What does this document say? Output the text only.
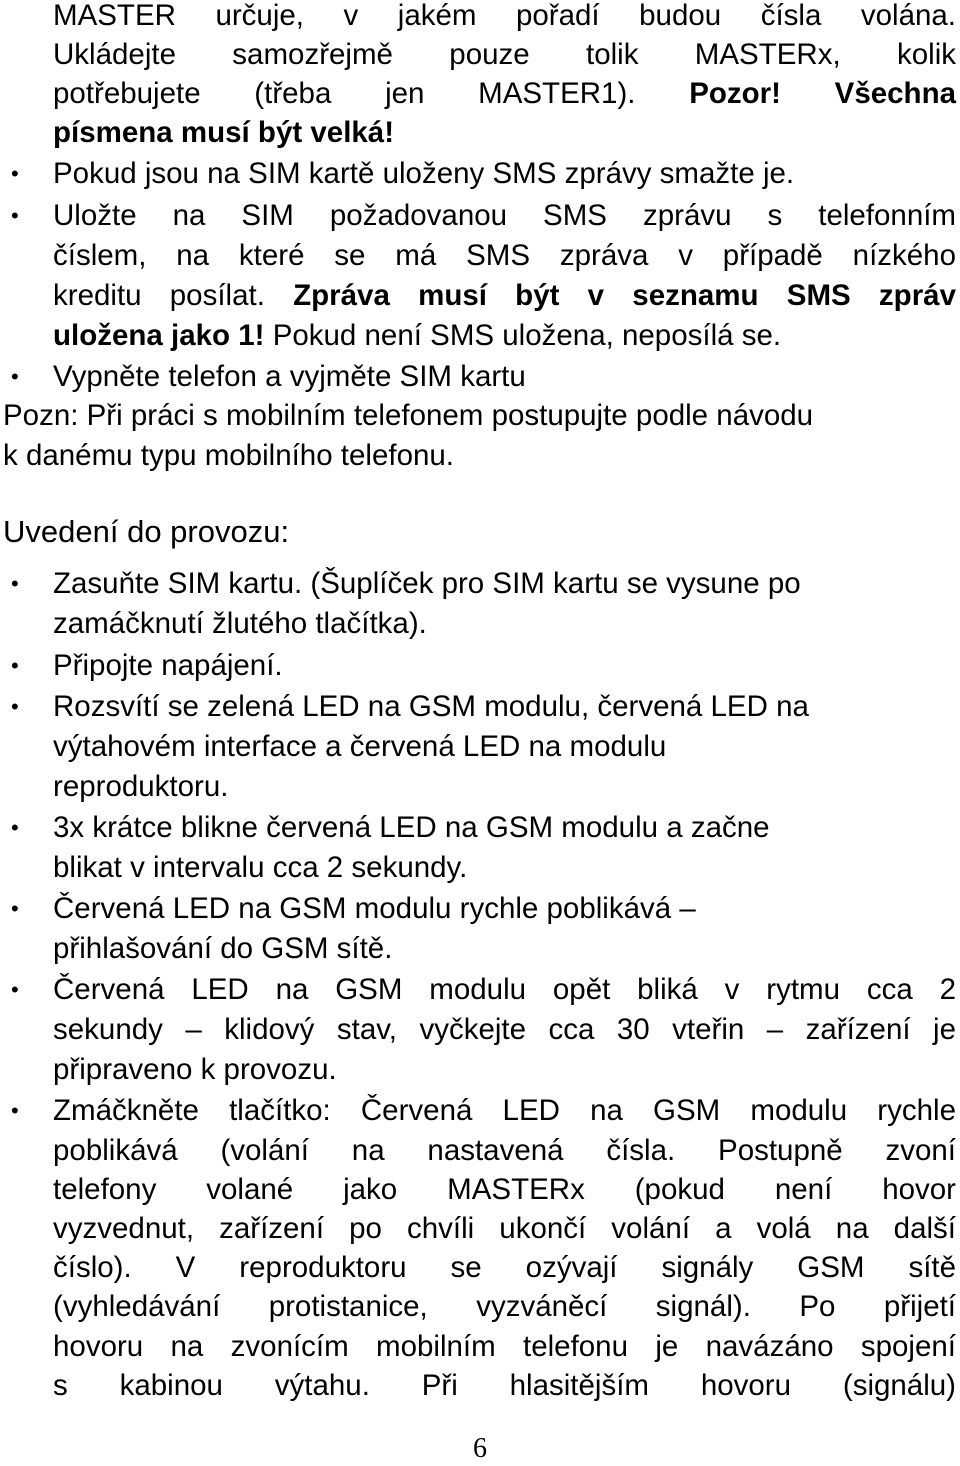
MASTER určuje, v jakém pořadí budou čísla volána.
Ukládejte samozřejmě pouze tolik MASTERx, kolik
potřebujete (třeba jen MASTER1). Pozor! Všechna
písmena musí být velká!
• Pokud jsou na SIM kartě uloženy SMS zprávy smažte je.
• Uložte na SIM požadovanou SMS zprávu s telefonním
číslem, na které se má SMS zpráva v případě nízkého
kreditu posílat. Zpráva musí být v seznamu SMS zpráv
uložena jako 1! Pokud není SMS uložena, neposílá se.
• Vypněte telefon a vyjměte SIM kartu
Pozn: Při práci s mobilním telefonem postupujte podle návodu
k danému typu mobilního telefonu.
Uvedení do provozu:
• Zasuňte SIM kartu. (Šuplíček pro SIM kartu se vysune po
zamáčknutí žlutého tlačítka).
• Připojte napájení.
• Rozsvítí se zelená LED na GSM modulu, červená LED na
výtahovém interface a červená LED na modulu
reproduktoru.
• 3x krátce blikne červená LED na GSM modulu a začne
blikat v intervalu cca 2 sekundy.
• Červená LED na GSM modulu rychle poblikává –
přihlašování do GSM sítě.
• Červená LED na GSM modulu opět bliká v rytmu cca 2
sekundy – klidový stav, vyčkejte cca 30 vteřin – zařízení je
připraveno k provozu.
• Zmáčkněte tlačítko: Červená LED na GSM modulu rychle
poblikává (volání na nastavená čísla. Postupně zvoní
telefony volané jako MASTERx (pokud není hovor
vyzvednut, zařízení po chvíli ukončí volání a volá na další
číslo). V reproduktoru se ozývají signály GSM sítě
(vyhledávání protistanice, vyzváněcí signál). Po přijetí
hovoru na zvonícím mobilním telefonu je navázáno spojení
s kabinou výtahu. Při hlasitějším hovoru (signálu)
6
